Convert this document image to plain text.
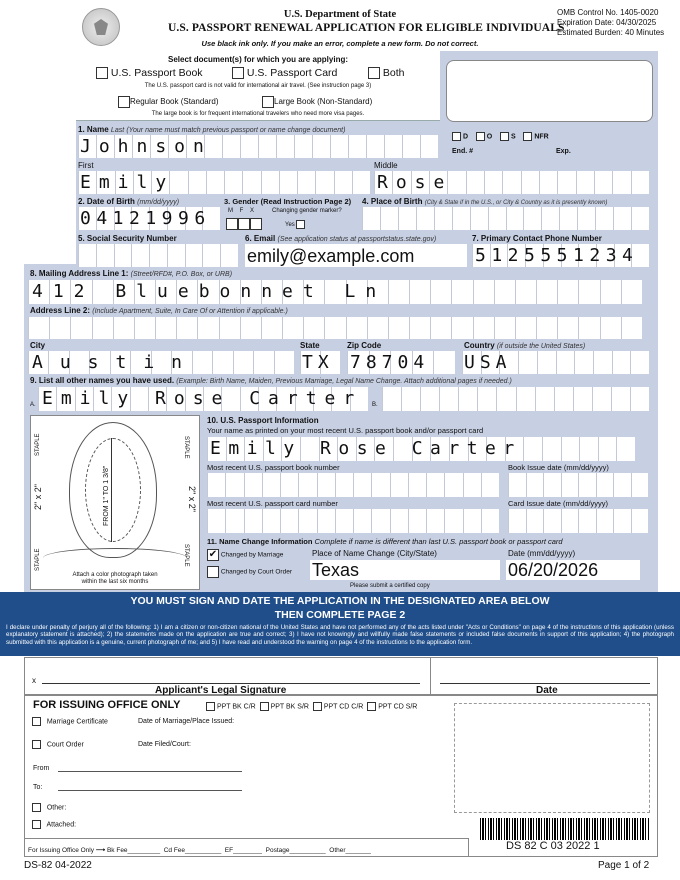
U.S. Department of State
U.S. PASSPORT RENEWAL APPLICATION FOR ELIGIBLE INDIVIDUALS
OMB Control No. 1405-0020
Expiration Date: 04/30/2025
Estimated Burden: 40 Minutes
Use black ink only. If you make an error, complete a new form. Do not correct.
Select document(s) for which you are applying:
U.S. Passport Book	U.S. Passport Card	Both
The U.S. passport card is not valid for international air travel. (See instruction page 3)
Regular Book (Standard)	Large Book (Non-Standard)
The large book is for frequent international travelers who need more visa pages.
D	O	S	NFR
End. #	Exp.
1. Name Last (Your name must match previous passport or name change document)
Johnson
First
Emily
Middle
Rose
2. Date of Birth (mm/dd/yyyy)
04121996
3. Gender (Read Instruction Page 2)
M F X	Changing gender marker?
Yes
4. Place of Birth (City & State if in the U.S., or City & Country as it is presently known)
5. Social Security Number	6. Email (See application status at passportstatus.state.gov)
emily@example.com
7. Primary Contact Phone Number
5125551234
8. Mailing Address Line 1: (Street/RFD#, P.O. Box, or URB)
412 Bluebonnet Ln
Address Line 2: (Include Apartment, Suite, In Care Of or Attention if applicable.)
City
Austin
State
TX
Zip Code
78704
Country (if outside the United States)
USA
9. List all other names you have used. (Example: Birth Name, Maiden, Previous Marriage, Legal Name Change. Attach additional pages if needed.)
A. Emily Rose Carter B.
STAPLE	STAPLE
STAPLE	STAPLE
2" x 2"	2" x 2"
FROM 1" TO 1 3/8"
Attach a color photograph taken
within the last six months
10. U.S. Passport Information
Your name as printed on your most recent U.S. passport book and/or passport card
Emily Rose Carter
Most recent U.S. passport book number	Book Issue date (mm/dd/yyyy)
Most recent U.S. passport card number	Card Issue date (mm/dd/yyyy)
11. Name Change Information Complete if name is different than last U.S. passport book or passport card
✔ Changed by Marriage
Changed by Court Order
Place of Name Change (City/State)
Texas
Date (mm/dd/yyyy)
06/20/2026
Please submit a certified copy
YOU MUST SIGN AND DATE THE APPLICATION IN THE DESIGNATED AREA BELOW
THEN COMPLETE PAGE 2

I declare under penalty of perjury all of the following: 1) I am a citizen or non-citizen national of the United States and have not performed any of the acts listed under "Acts or Conditions" on page 4 of the instructions of this application (unless explanatory statement is attached); 2) the statements made on the application are true and correct; 3) I have not knowingly and willfully made false statements or included false documents in support of this application; 4) the photograph submitted with this application is a genuine, current photograph of me; and 5) I have read and understood the warning on page 4 of the instructions to the application form.

x
Applicant's Legal Signature	Date
FOR ISSUING OFFICE ONLY	PPT BK C/R PPT BK S/R PPT CD C/R PPT CD S/R
Marriage Certificate	Date of Marriage/Place Issued:
Court Order	Date Filed/Court:
From
To:
Other:
Attached:
For Issuing Office Only ⟶ Bk Fee_________  Cd Fee__________  EF________  Postage__________  Other_______	DS 82 C 03 2022 1
DS-82 04-2022	Page 1 of 2
